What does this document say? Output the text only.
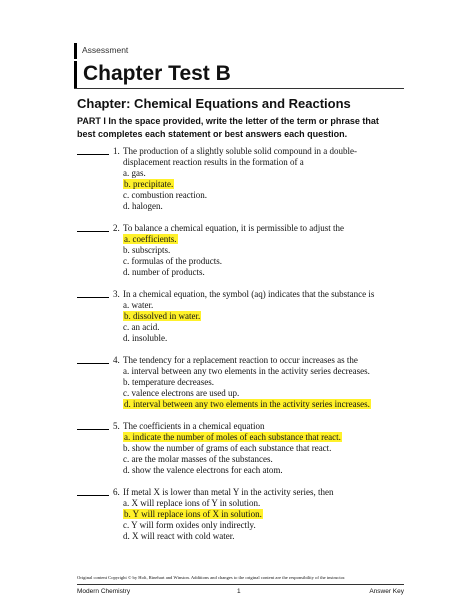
Assessment
Chapter Test B
Chapter: Chemical Equations and Reactions
PART I In the space provided, write the letter of the term or phrase that best completes each statement or best answers each question.
1. The production of a slightly soluble solid compound in a double-
displacement reaction results in the formation of a
a. gas.
b. precipitate.
c. combustion reaction.
d. halogen.
2. To balance a chemical equation, it is permissible to adjust the
a. coefficients.
b. subscripts.
c. formulas of the products.
d. number of products.
3. In a chemical equation, the symbol (aq) indicates that the substance is
a. water.
b. dissolved in water.
c. an acid.
d. insoluble.
4. The tendency for a replacement reaction to occur increases as the
a. interval between any two elements in the activity series decreases.
b. temperature decreases.
c. valence electrons are used up.
d. interval between any two elements in the activity series increases.
5. The coefficients in a chemical equation
a. indicate the number of moles of each substance that react.
b. show the number of grams of each substance that react.
c. are the molar masses of the substances.
d. show the valence electrons for each atom.
6. If metal X is lower than metal Y in the activity series, then
a. X will replace ions of Y in solution.
b. Y will replace ions of X in solution.
c. Y will form oxides only indirectly.
d. X will react with cold water.
Original content Copyright © by Holt, Rinehart and Winston. Additions and changes to the original content are the responsibility of the instructor.
Modern Chemistry	1	Answer Key
